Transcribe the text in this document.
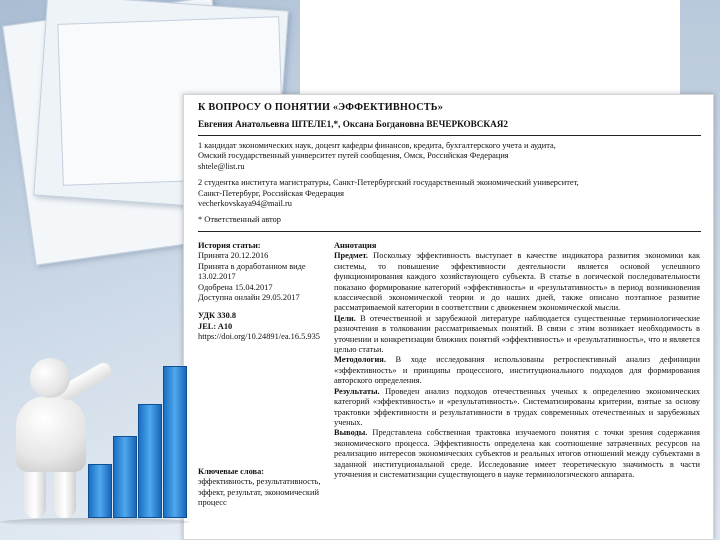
К ВОПРОСУ О ПОНЯТИИ «ЭФФЕКТИВНОСТЬ»
Евгения Анатольевна ШТЕЛЕ1,*, Оксана Богдановна ВЕЧЕРКОВСКАЯ2
1 кандидат экономических наук, доцент кафедры финансов, кредита, бухгалтерского учета и аудита,
Омский государственный университет путей сообщения, Омск, Российская Федерация
shtele@list.ru
2 студентка института магистратуры, Санкт-Петербургский государственный экономический университет,
Санкт-Петербург, Российская Федерация
vecherkovskaya94@mail.ru
* Ответственный автор
История статьи:
Принята 20.12.2016
Принята в доработанном виде 13.02.2017
Одобрена 15.04.2017
Доступна онлайн 29.05.2017
УДК 330.8
JEL: A10
https://doi.org/10.24891/ea.16.5.935
Ключевые слова:
эффективность, результативность, эффект, результат, экономический процесс

Аннотация

Предмет. Поскольку эффективность выступает в качестве индикатора развития экономики как системы, то повышение эффективности деятельности является основой успешного функционирования каждого хозяйствующего субъекта. В статье в логической последовательности показано формирование категорий «эффективность» и «результативность» в период возникновения классической экономической теории и до наших дней, также описано поэтапное развитие рассматриваемой категории в соответствии с движением экономической мысли.

Цели. В отечественной и зарубежной литературе наблюдается существенные терминологические разночтения в толковании рассматриваемых понятий. В связи с этим возникает необходимость в уточнении и конкретизации ближних понятий «эффективность» и «результативность», что и является целью статьи.

Методология. В ходе исследования использованы ретроспективный анализ дефиниции «эффективность» и принципы процессного, институционального подходов для формирования авторского определения.

Результаты. Проведен анализ подходов отечественных ученых к определению экономических категорий «эффективность» и «результативность». Систематизированы критерии, взятые за основу трактовки эффективности и результативности в трудах современных отечественных и зарубежных ученых.

Выводы. Представлена собственная трактовка изучаемого понятия с точки зрения содержания экономического процесса. Эффективность определена как соотношение затраченных ресурсов на реализацию интересов экономических субъектов и реальных итогов отношений между субъектами в заданной институциональной среде. Исследование имеет теоретическую значимость в части уточнения и систематизации существующего в науке терминологического аппарата.
